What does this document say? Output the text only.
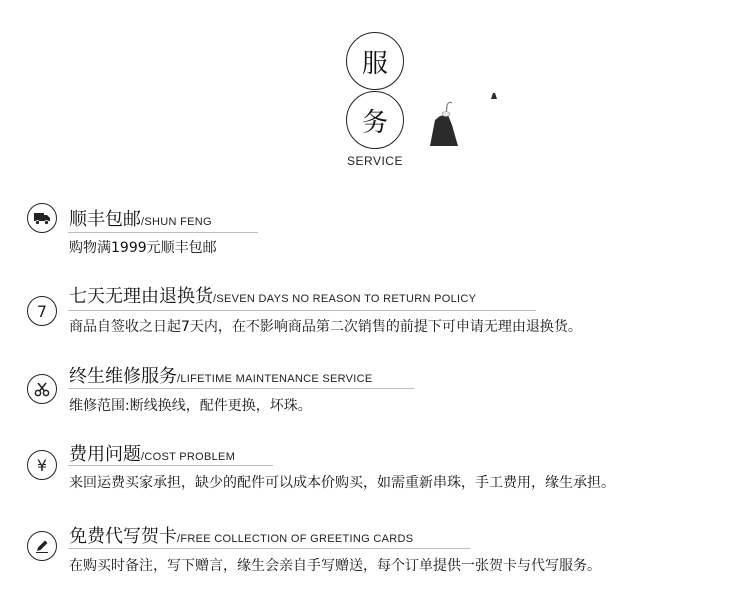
服
务
SERVICE
顺丰包邮/SHUN FENG
购物满1999元顺丰包邮
7
七天无理由退换货/SEVEN DAYS NO REASON TO RETURN POLICY
商品自签收之日起7天内，在不影响商品第二次销售的前提下可申请无理由退换货。
终生维修服务/LIFETIME MAINTENANCE SERVICE
维修范围:断线换线，配件更换，坏珠。
¥	费用问题/COST PROBLEM
来回运费买家承担，缺少的配件可以成本价购买，如需重新串珠，手工费用，缘生承担。
免费代写贺卡/FREE COLLECTION OF GREETING CARDS
在购买时备注，写下赠言，缘生会亲自手写赠送，每个订单提供一张贺卡与代写服务。
